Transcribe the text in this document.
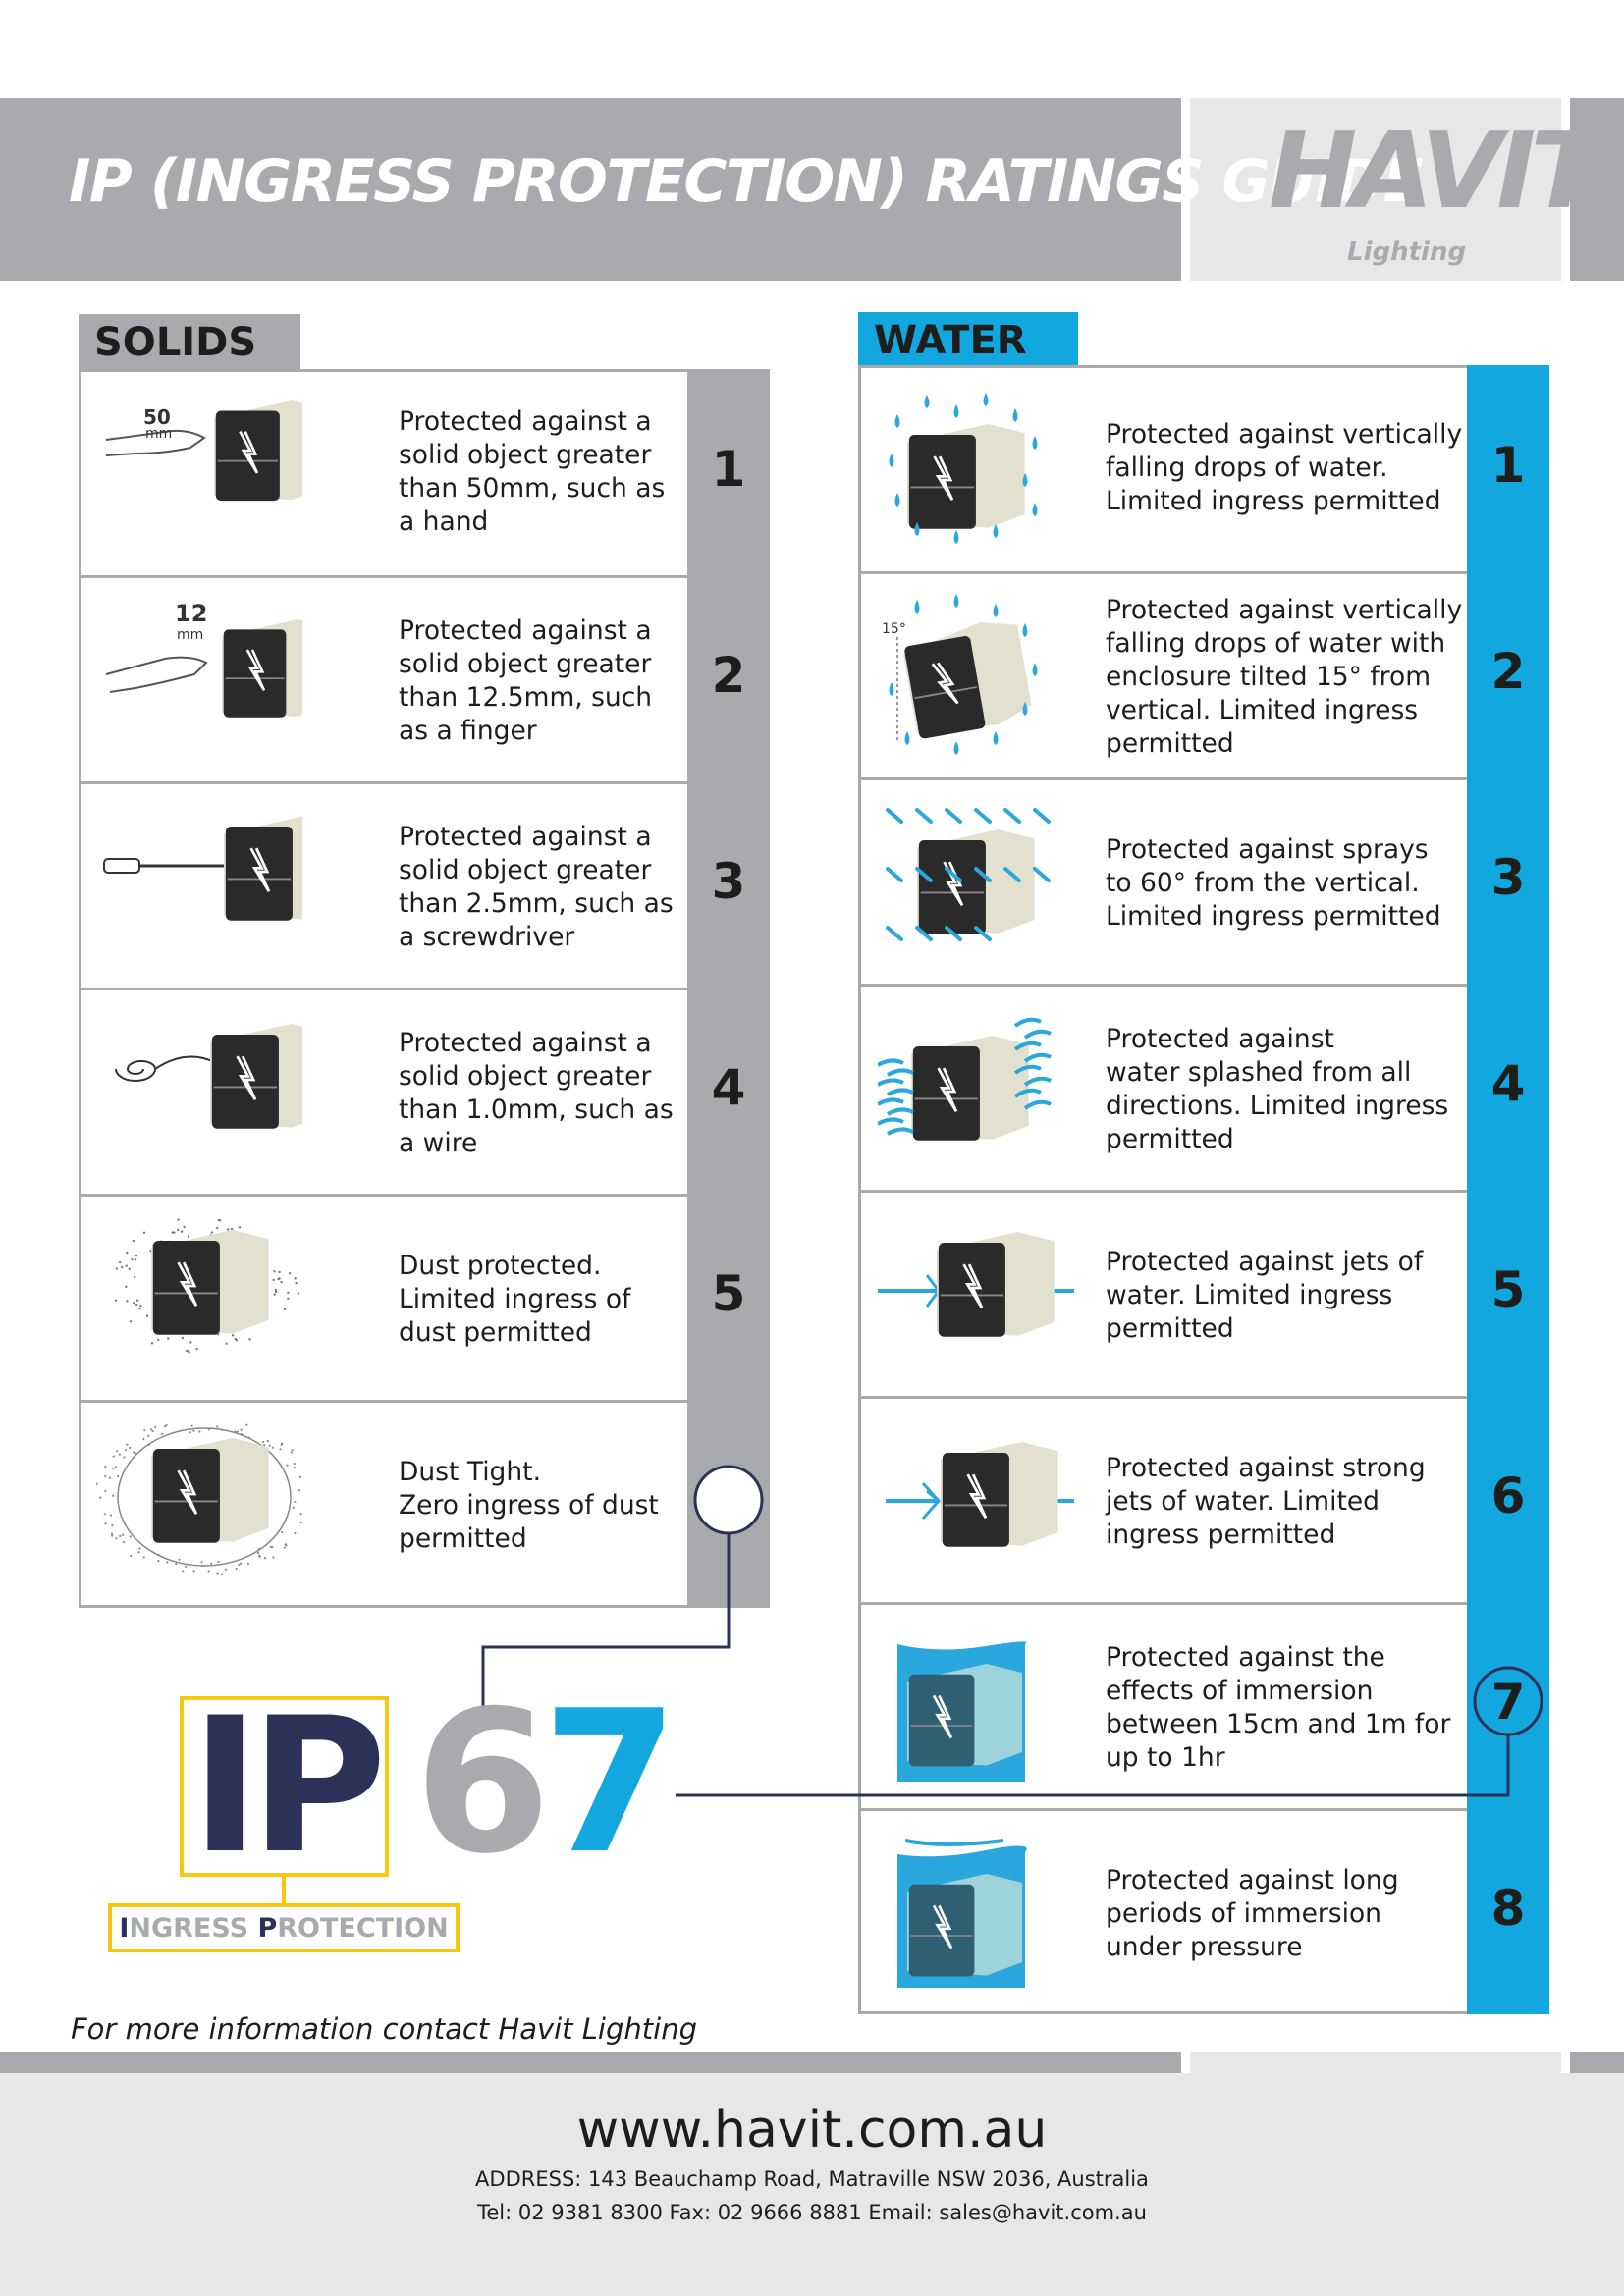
IP (INGRESS PROTECTION) RATINGS GUIDE
HAVIT
Lighting
SOLIDS
50
mm	Protected against a
solid object greater
than 50mm, such as
a hand
1
12
mm	Protected against a
solid object greater
than 12.5mm, such
as a finger
2
Protected against a
solid object greater
than 2.5mm, such as
a screwdriver
3
Protected against a
solid object greater
than 1.0mm, such as
a wire
4
Dust protected.
Limited ingress of
dust permitted
5
Dust Tight.
Zero ingress of dust
permitted
WATER
Protected against vertically
falling drops of water.
Limited ingress permitted
1
15°
Protected against vertically
falling drops of water with
enclosure tilted 15° from
vertical. Limited ingress
permitted
2
Protected against sprays
to 60° from the vertical.
Limited ingress permitted
3
Protected against
water splashed from all
directions. Limited ingress
permitted
4
Protected against jets of
water. Limited ingress
permitted
5
Protected against strong
jets of water. Limited
ingress permitted
6
Protected against the
effects of immersion
between 15cm and 1m for
up to 1hr
7
Protected against long
periods of immersion
under pressure
8
IP 6
7
INGRESS PROTECTION
For more information contact Havit Lighting
www.havit.com.au
ADDRESS: 143 Beauchamp Road, Matraville NSW 2036, Australia
Tel: 02 9381 8300 Fax: 02 9666 8881 Email: sales@havit.com.au
